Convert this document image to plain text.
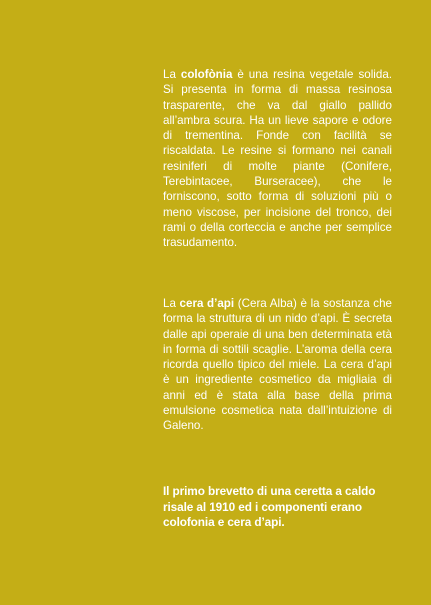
La colofònia è una resina vegetale solida. Si presenta in forma di massa resinosa trasparente, che va dal giallo pallido all’ambra scura. Ha un lieve sapore e odore di trementina. Fonde con facilità se riscaldata. Le resine si formano nei canali resiniferi di molte piante (Conifere, Terebintacee, Burseracee), che le forniscono, sotto forma di soluzioni più o meno viscose, per incisione del tronco, dei rami o della corteccia e anche per semplice trasudamento.

La cera d’api (Cera Alba) è la sostanza che forma la struttura di un nido d’api. È secreta dalle api operaie di una ben determinata età in forma di sottili scaglie. L’aroma della cera ricorda quello tipico del miele. La cera d’api è un ingrediente cosmetico da migliaia di anni ed è stata alla base della prima emulsione cosmetica nata dall’intuizione di Galeno.

Il primo brevetto di una ceretta a caldo risale al 1910 ed i componenti erano colofonia e cera d’api.
